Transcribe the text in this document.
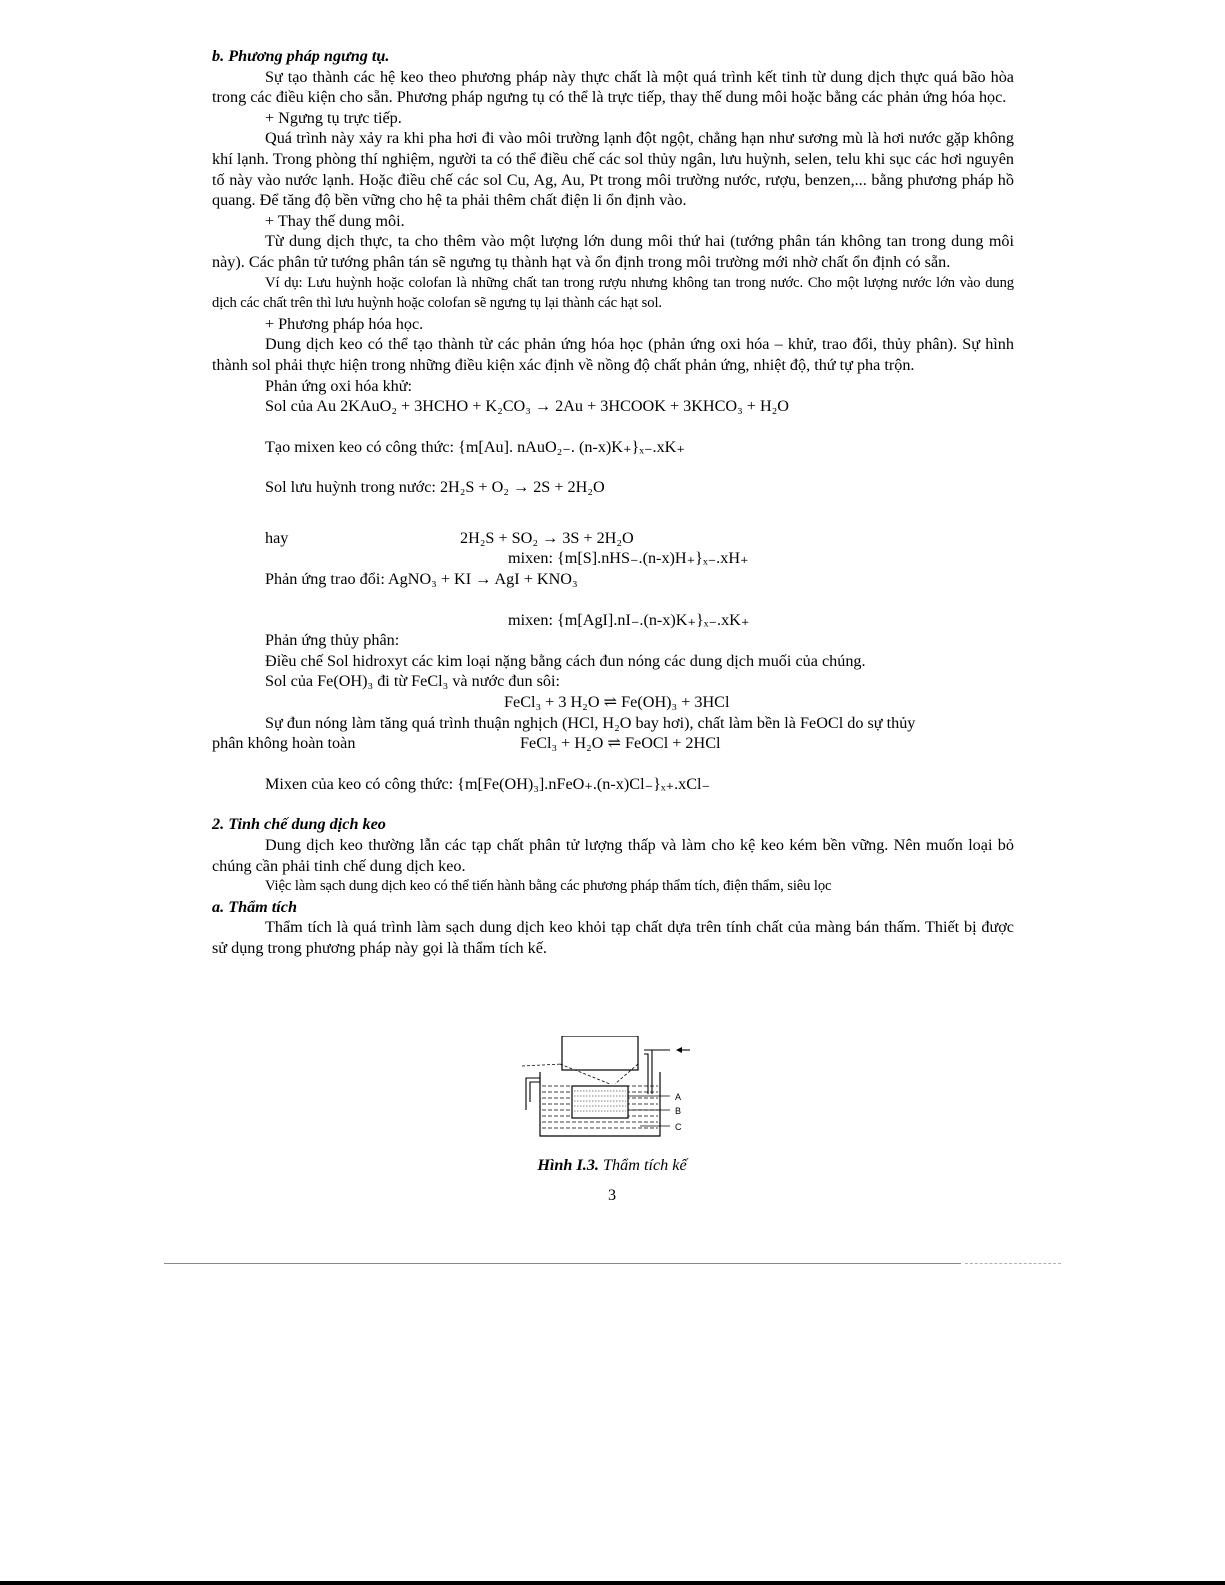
b. Phương pháp ngưng tụ.

Sự tạo thành các hệ keo theo phương pháp này thực chất là một quá trình kết tinh từ dung dịch thực quá bão hòa trong các điều kiện cho sẵn. Phương pháp ngưng tụ có thể là trực tiếp, thay thế dung môi hoặc bằng các phản ứng hóa học.

+ Ngưng tụ trực tiếp.

Quá trình này xảy ra khi pha hơi đi vào môi trường lạnh đột ngột, chẳng hạn như sương mù là hơi nước gặp không khí lạnh. Trong phòng thí nghiệm, người ta có thể điều chế các sol thủy ngân, lưu huỳnh, selen, telu khi sục các hơi nguyên tố này vào nước lạnh. Hoặc điều chế các sol Cu, Ag, Au, Pt trong môi trường nước, rượu, benzen,... bằng phương pháp hồ quang. Để tăng độ bền vững cho hệ ta phải thêm chất điện li ổn định vào.

+ Thay thế dung môi.

Từ dung dịch thực, ta cho thêm vào một lượng lớn dung môi thứ hai (tướng phân tán không tan trong dung môi này). Các phân tử tướng phân tán sẽ ngưng tụ thành hạt và ổn định trong môi trường mới nhờ chất ổn định có sẵn.

Ví dụ: Lưu huỳnh hoặc colofan là những chất tan trong rượu nhưng không tan trong nước. Cho một lượng nước lớn vào dung dịch các chất trên thì lưu huỳnh hoặc colofan sẽ ngưng tụ lại thành các hạt sol.

+ Phương pháp hóa học.

Dung dịch keo có thể tạo thành từ các phản ứng hóa học (phản ứng oxi hóa – khử, trao đổi, thủy phân). Sự hình thành sol phải thực hiện trong những điều kiện xác định về nồng độ chất phản ứng, nhiệt độ, thứ tự pha trộn.

Phản ứng oxi hóa khử:

Sol của Au 2KAuO₂ + 3HCHO + K₂CO₃ → 2Au + 3HCOOK + 3KHCO₃ + H₂O

Tạo mixen keo có công thức: {m[Au]. nAuO₂₋. (n-x)K₊}ₓ₋.xK₊

Sol lưu huỳnh trong nước: 2H₂S + O₂ → 2S + 2H₂O

hay	2H₂S + SO₂ → 3S + 2H₂O
mixen: {m[S].nHS₋.(n-x)H₊}ₓ₋.xH₊

Phản ứng trao đổi: AgNO₃ + KI → AgI + KNO₃

mixen: {m[AgI].nI₋.(n-x)K₊}ₓ₋.xK₊

Phản ứng thủy phân:

Điều chế Sol hidroxyt các kim loại nặng bằng cách đun nóng các dung dịch muối của chúng.

Sol của Fe(OH)₃ đi từ FeCl₃ và nước đun sôi:

FeCl₃ + 3 H₂O ⇌ Fe(OH)₃ + 3HCl

Sự đun nóng làm tăng quá trình thuận nghịch (HCl, H₂O bay hơi), chất làm bền là FeOCl do sự thủy

phân không hoàn toàn	FeCl₃ + H₂O ⇌ FeOCl + 2HCl

Mixen của keo có công thức: {m[Fe(OH)₃].nFeO₊.(n-x)Cl₋}ₓ₊.xCl₋

2. Tinh chế dung dịch keo

Dung dịch keo thường lẫn các tạp chất phân tử lượng thấp và làm cho kệ keo kém bền vững. Nên muốn loại bỏ chúng cần phải tinh chế dung dịch keo.

Việc làm sạch dung dịch keo có thể tiến hành bằng các phương pháp thẩm tích, điện thẩm, siêu lọc

a. Thẩm tích

Thẩm tích là quá trình làm sạch dung dịch keo khỏi tạp chất dựa trên tính chất của màng bán thấm. Thiết bị được sử dụng trong phương pháp này gọi là thẩm tích kế.

A
B
C
Hình I.3. Thẩm tích kế
3
